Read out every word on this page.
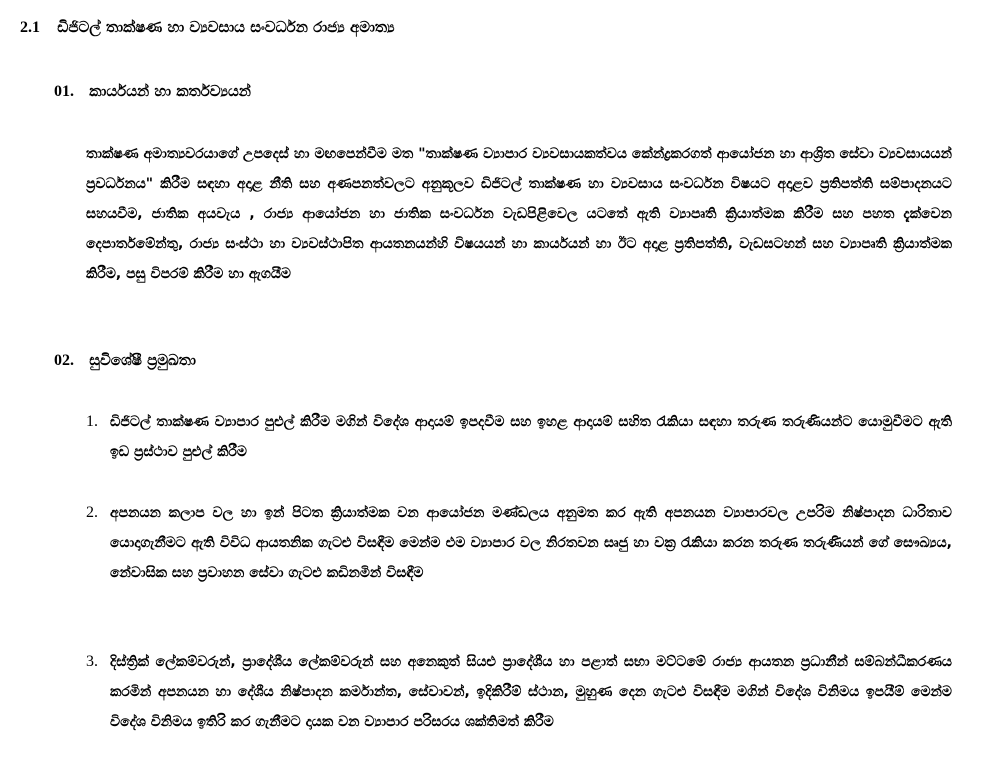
2.1 ඩිජිටල් තාක්ෂණ හා ව්‍යවසාය සංවර්ධන රාජ්‍ය අමාත්‍ය
01. කාර්යයන් හා කර්තව්‍යයන්

තාක්ෂණ අමාත්‍යවරයාගේ උපදෙස් හා මඟපෙන්වීම මත "තාක්ෂණ ව්‍යාපාර ව්‍යවසායකත්වය කේන්ද්‍රකරගත් ආයෝජන හා ආශ්‍රිත සේවා ව්‍යවසායයන් ප්‍රවර්ධනය" කිරීම සඳහා අදාළ නීති සහ අණපනත්වලට අනුකූලව ඩිජිටල් තාක්ෂණ හා ව්‍යවසාය සංවර්ධන විෂයට අදාළව ප්‍රතිපත්ති සම්පාදනයට සහයවීම, ජාතික අයවැය , රාජ්‍ය ආයෝජන හා ජාතික සංවර්ධන වැඩපිළිවෙල යටතේ ඇති ව්‍යාපෘති ක්‍රියාත්මක කිරීම සහ පහත දැක්වෙන දෙපාර්තමේන්තු, රාජ්‍ය සංස්ථා හා ව්‍යවස්ථාපිත ආයතනයන්හි විෂයයන් හා කාර්යයන් හා ඊට අදාළ ප්‍රතිපත්ති, වැඩසටහන් සහ ව්‍යාපෘති ක්‍රියාත්මක කිරීම, පසු විපරම් කිරීම හා ඇගයීම

02. සුවිශේෂී ප්‍රමුඛතා
1. ඩිජිටල් තාක්ෂණ ව්‍යාපාර පුළුල් කිරීම මගින් විදේශ ආදායම් ඉපදවීම සහ ඉහළ ආදායම් සහිත රැකියා සඳහා තරුණ තරුණියන්ට යොමුවීමට ඇති ඉඩ ප්‍රස්ථාව පුළුල් කිරීම

2. අපනයන කලාප වල හා ඉන් පිටත ක්‍රියාත්මක වන ආයෝජන මණ්ඩලය අනුමත කර ඇති අපනයන ව්‍යාපාරවල උපරිම නිෂ්පාදන ධාරිතාව යොදාගැනීමට ඇති විවිධ ආයතනික ගැටළු විසඳීම මෙන්ම එම ව්‍යාපාර වල නිරතවන සෘජු හා වක්‍ර රැකියා කරන තරුණ තරුණියන් ගේ සෞඛ්‍යය, නේවාසික සහ ප්‍රවාහන සේවා ගැටළු කඩිනමින් විසඳීම

3. දිස්ත්‍රික් ලේකම්වරුන්, ප්‍රාදේශීය ලේකම්වරුන් සහ අනෙකුත් සියළු ප්‍රාදේශීය හා පළාත් සභා මට්ටමේ රාජ්‍ය ආයතන ප්‍රධානීන් සම්බන්ධීකරණය කරමින් අපනයන හා දේශීය නිෂ්පාදන කර්මාන්ත, සේවාවන්, ඉදිකිරීම් ස්ථාන, මුහුණ දෙන ගැටළු විසඳීම මගින් විදේශ විනිමය ඉපයීම් මෙන්ම විදේශ විනිමය ඉතිරි කර ගැනීමට දායක වන ව්‍යාපාර පරිසරය ශක්තිමත් කිරීම
